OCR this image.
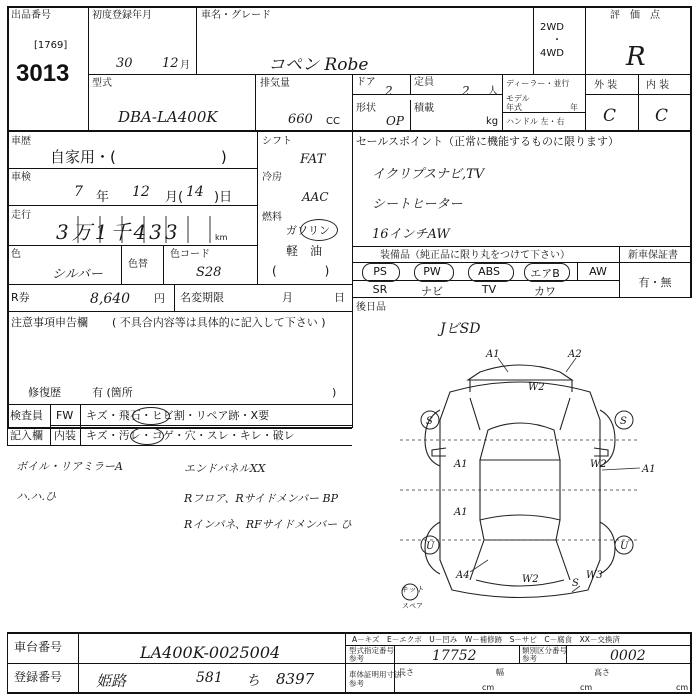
出品番号
[1769]
3013
初度登録年月
30 12 月
車名・グレード
コペン Robe
2WD
・
4WD
評　価　点
R
型式
DBA-LA400K
排気量
660 CC
ドア
2
定員
2 人
形状
OP
積載
kg
ディーラー・並行
モデル
年式	年
ハンドル 左・右
外 装	内 装
C C
車歴
自家用・(　　　　　　　)
シフト
FAT
車検
7 年 12 月( 14 )日
冷房
AAC
走行
3万1千433	km
燃料
ガソリン
軽　油
(　　　　)
色
シルバー
色替
色コード
S28
R券	8,640 円 名変期限	月	日
注意事項申告欄 ( 不具合内容等は具体的に記入して下さい )
修復歴	有 (箇所	)
セールスポイント（正常に機能するものに限ります）
イクリプスナビ,TV
シートヒーター
16インチAW
装備品（純正品に限り丸をつけて下さい）	新車保証書
PS	PW	ABS	エアB	AW
SR	ナビ	TV	カワ
有・無
後日品
JビSD
検査員
記入欄
FW キズ・飛石・ヒビ割・リペア跡・X要
内装 キズ・汚レ・コゲ・穴・スレ・キレ・破レ
ボイル・リアミラーA
ハ.ハ.ひ
エンドパネルXX
Rフロア、Rサイドメンバー BP
Rインパネ、RFサイドメンバー ひ
A1	A2
W2
S	S
W2	A1
A1
A1
U	U
A4	W2	S
W3
キット
スペア
A－キズ　E－エクボ　U－凹み　W－補修跡　S－サビ　C－腐食　XX－交換済
車台番号	LA400K-0025004
登録番号 姫路	581 ち 8397
型式指定番号
参考	17752	類別区分番号
参考	0002
車体証明用寸法
参考
長さ	幅	高さ
cm	cm	cm
